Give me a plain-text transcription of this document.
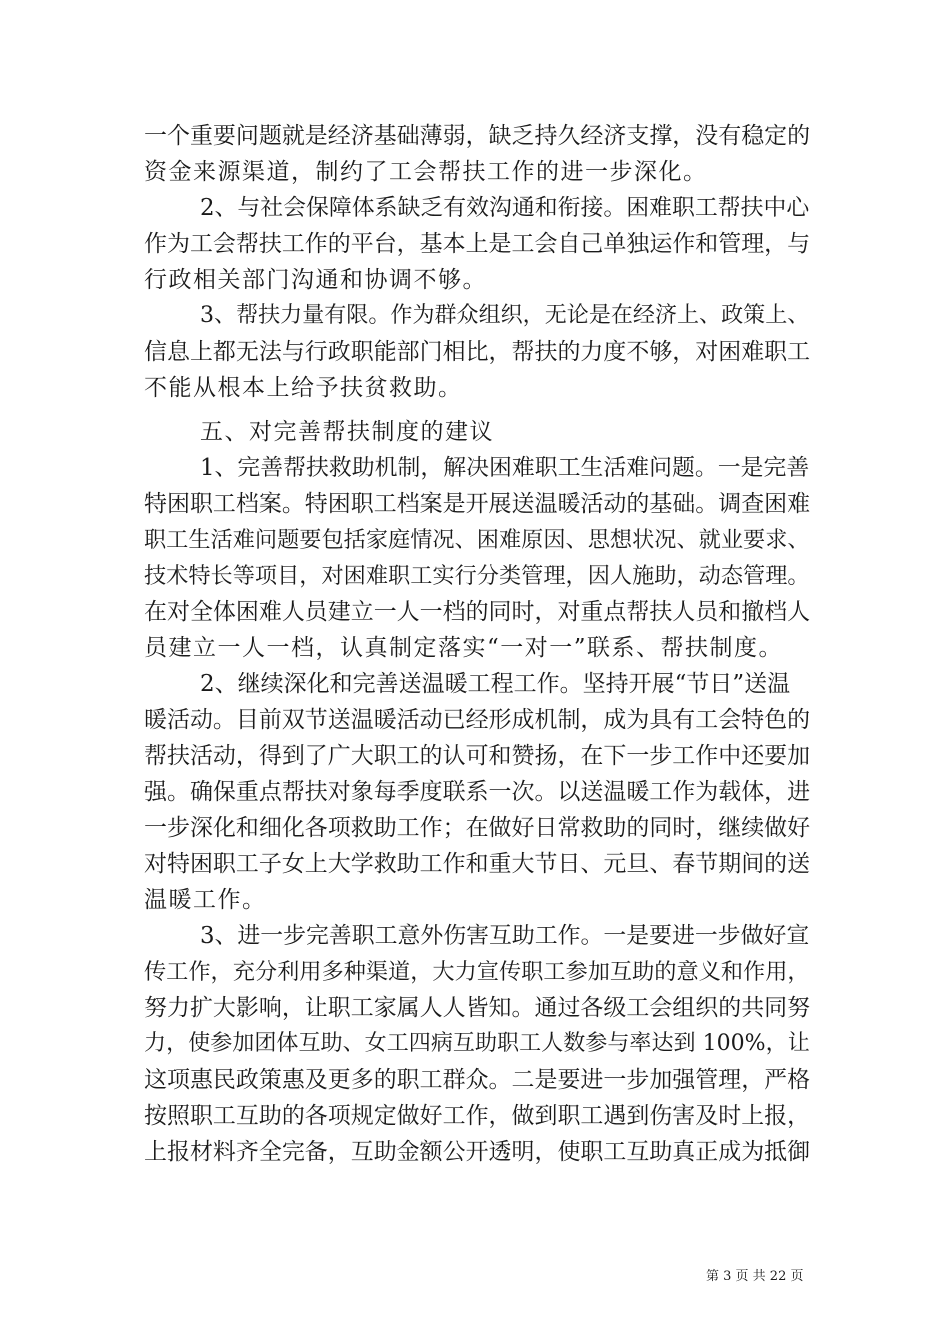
一个重要问题就是经济基础薄弱，缺乏持久经济支撑，没有稳定的
资金来源渠道，制约了工会帮扶工作的进一步深化。
2、与社会保障体系缺乏有效沟通和衔接。困难职工帮扶中心
作为工会帮扶工作的平台，基本上是工会自己单独运作和管理，与
行政相关部门沟通和协调不够。
3、帮扶力量有限。作为群众组织，无论是在经济上、政策上、
信息上都无法与行政职能部门相比，帮扶的力度不够，对困难职工
不能从根本上给予扶贫救助。
五、对完善帮扶制度的建议
1、完善帮扶救助机制，解决困难职工生活难问题。一是完善
特困职工档案。特困职工档案是开展送温暖活动的基础。调查困难
职工生活难问题要包括家庭情况、困难原因、思想状况、就业要求、
技术特长等项目，对困难职工实行分类管理，因人施助，动态管理。
在对全体困难人员建立一人一档的同时，对重点帮扶人员和撤档人
员建立一人一档，认真制定落实“一对一”联系、帮扶制度。
2、继续深化和完善送温暖工程工作。坚持开展“节日”送温
暖活动。目前双节送温暖活动已经形成机制，成为具有工会特色的
帮扶活动，得到了广大职工的认可和赞扬，在下一步工作中还要加
强。确保重点帮扶对象每季度联系一次。以送温暖工作为载体，进
一步深化和细化各项救助工作；在做好日常救助的同时，继续做好
对特困职工子女上大学救助工作和重大节日、元旦、春节期间的送
温暖工作。
3、进一步完善职工意外伤害互助工作。一是要进一步做好宣
传工作，充分利用多种渠道，大力宣传职工参加互助的意义和作用，
努力扩大影响，让职工家属人人皆知。通过各级工会组织的共同努
力，使参加团体互助、女工四病互助职工人数参与率达到 100%，让
这项惠民政策惠及更多的职工群众。二是要进一步加强管理，严格
按照职工互助的各项规定做好工作，做到职工遇到伤害及时上报，
上报材料齐全完备，互助金额公开透明，使职工互助真正成为抵御
第 3 页 共 22 页
